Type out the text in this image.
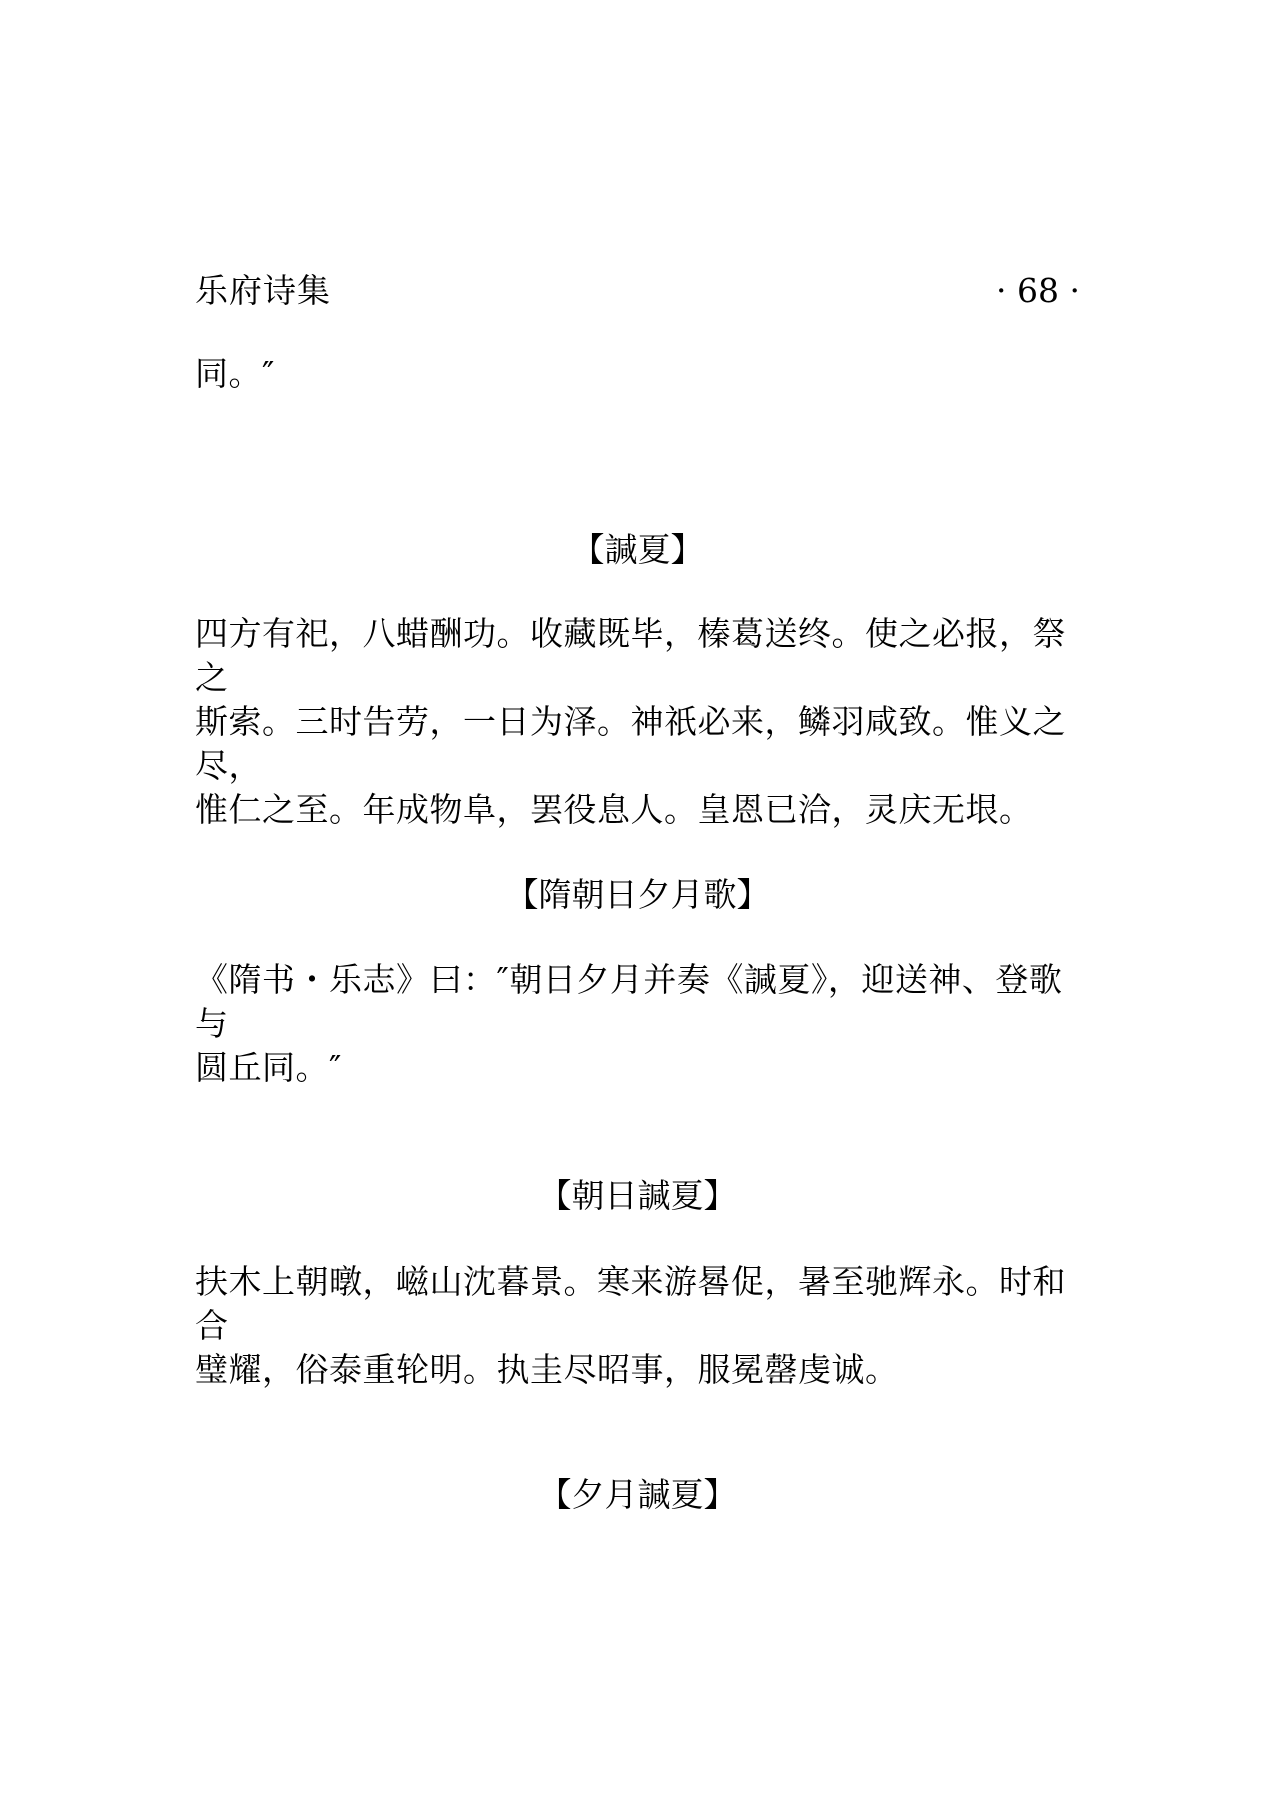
乐府诗集	· 68 ·
同。″
【諴夏】
四方有祀，八蜡酬功。收藏既毕，榛葛送终。使之必报，祭之
斯索。三时告劳，一日为泽。神祇必来，鳞羽咸致。惟义之尽，
惟仁之至。年成物阜，罢役息人。皇恩已洽，灵庆无垠。
【隋朝日夕月歌】
《隋书・乐志》曰：″朝日夕月并奏《諴夏》，迎送神、登歌与
圆丘同。″
【朝日諴夏】
扶木上朝暾，嵫山沈暮景。寒来游晷促，暑至驰辉永。时和合
璧耀，俗泰重轮明。执圭尽昭事，服冕罄虔诚。
【夕月諴夏】
